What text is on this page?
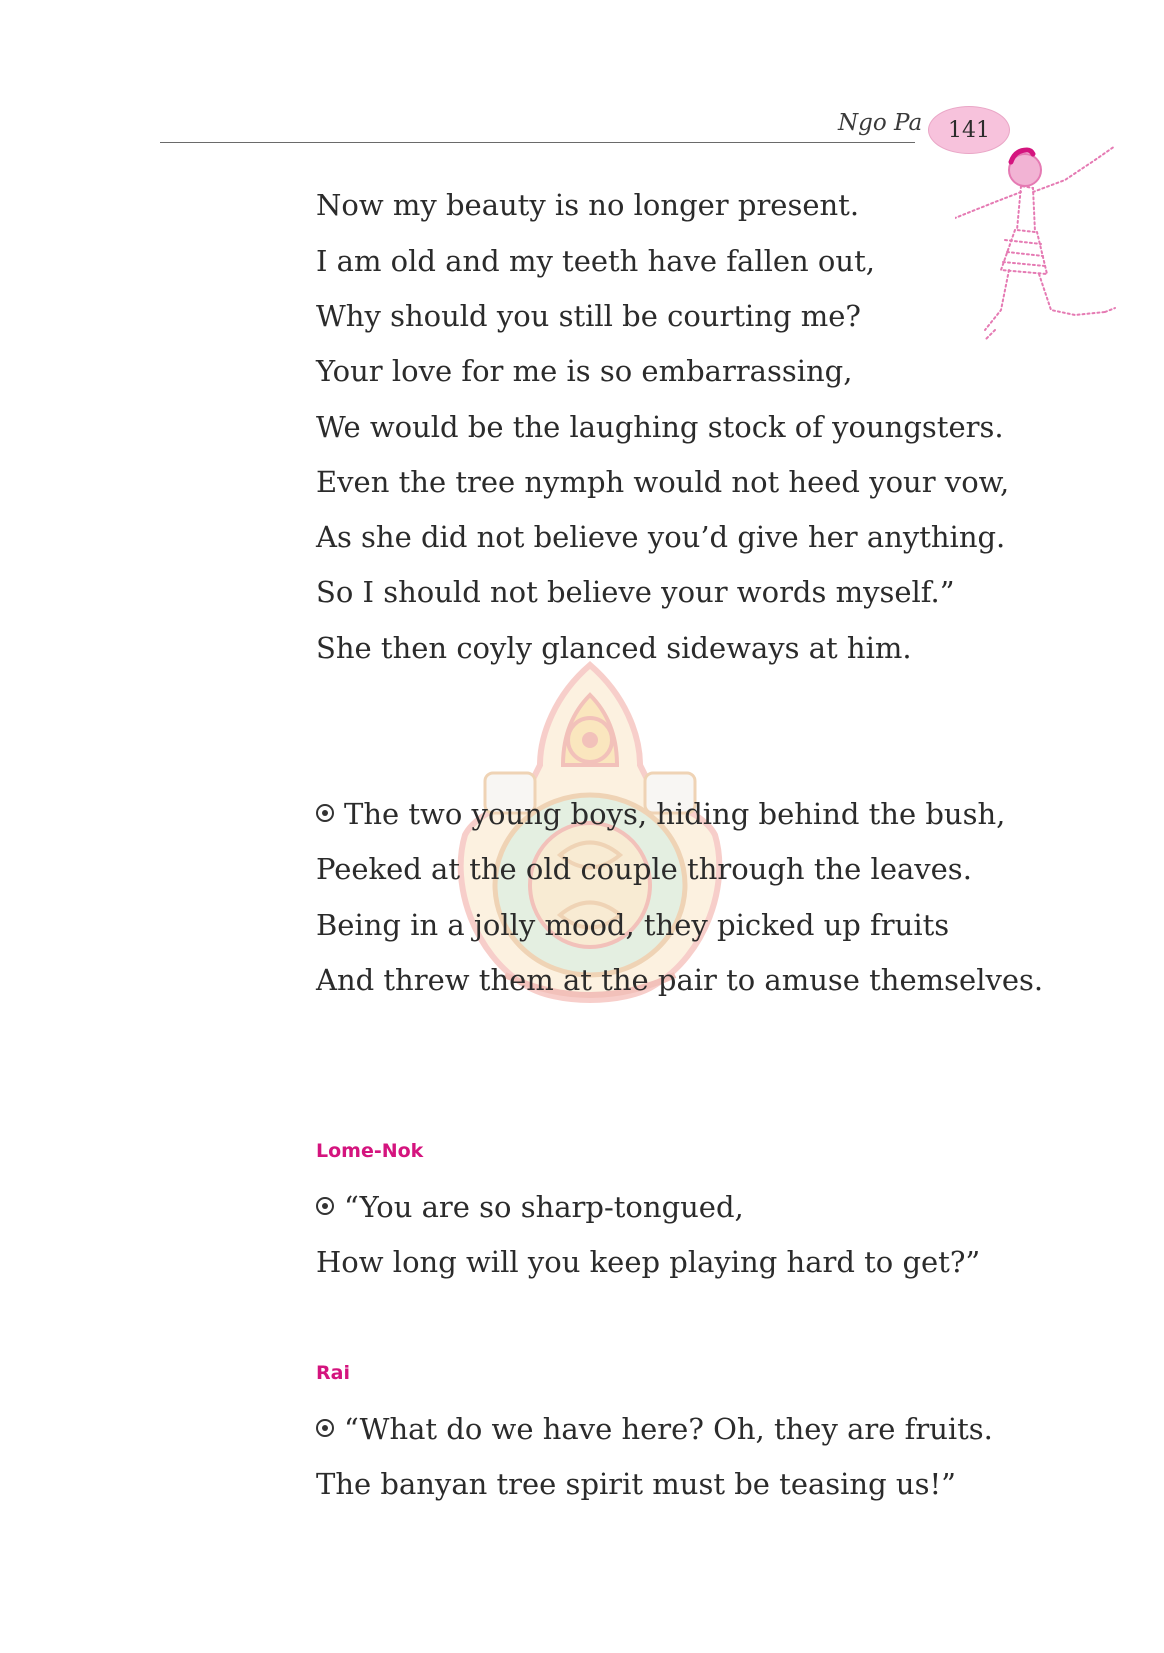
Ngo Pa 141
Now my beauty is no longer present.
I am old and my teeth have fallen out,
Why should you still be courting me?
Your love for me is so embarrassing,
We would be the laughing stock of youngsters.
Even the tree nymph would not heed your vow,
As she did not believe you’d give her anything.
So I should not believe your words myself.”
She then coyly glanced sideways at him.
The two young boys, hiding behind the bush,
Peeked at the old couple through the leaves.
Being in a jolly mood, they picked up fruits
And threw them at the pair to amuse themselves.
Lome-Nok
“You are so sharp-tongued,
How long will you keep playing hard to get?”
Rai
“What do we have here? Oh, they are fruits.
The banyan tree spirit must be teasing us!”
